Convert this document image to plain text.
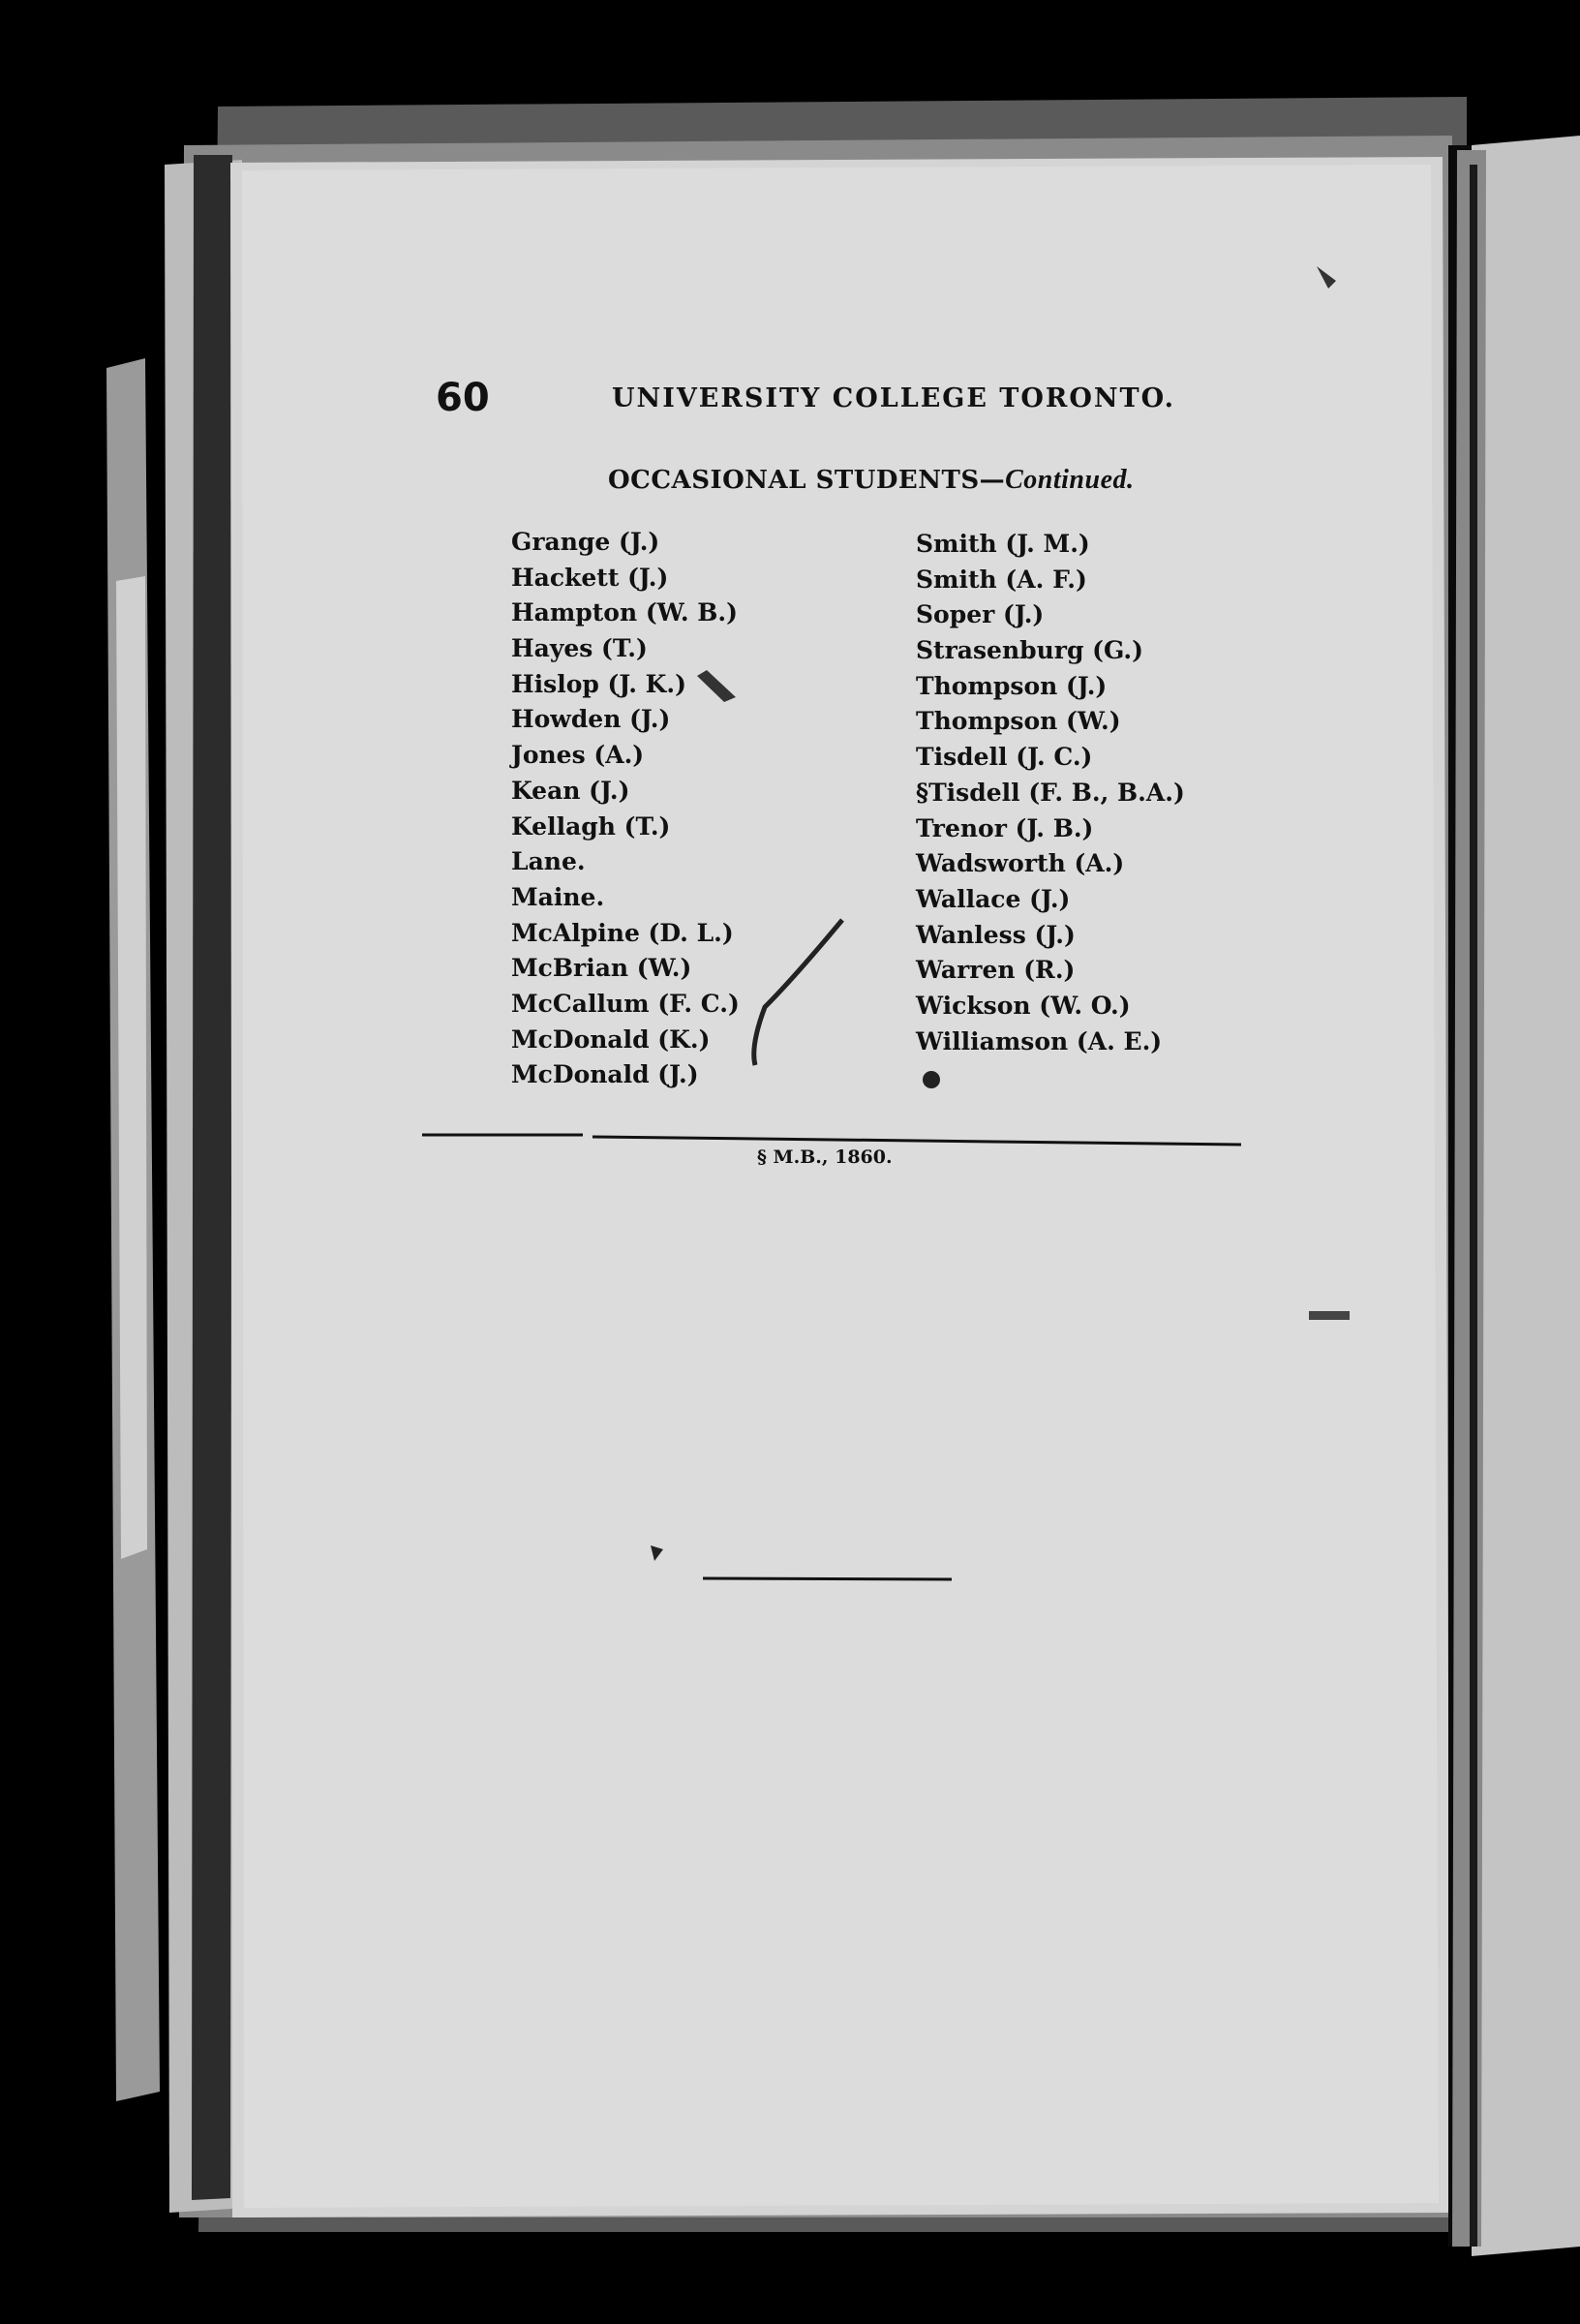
60	UNIVERSITY COLLEGE TORONTO.
OCCASIONAL STUDENTS—Continued.
Grange (J.)
Hackett (J.)
Hampton (W. B.)
Hayes (T.)
Hislop (J. K.)
Howden (J.)
Jones (A.)
Kean (J.)
Kellagh (T.)
Lane.
Maine.
McAlpine (D. L.)
McBrian (W.)
McCallum (F. C.)
McDonald (K.)
McDonald (J.)
Smith (J. M.)
Smith (A. F.)
Soper (J.)
Strasenburg (G.)
Thompson (J.)
Thompson (W.)
Tisdell (J. C.)
§Tisdell (F. B., B.A.)
Trenor (J. B.)
Wadsworth (A.)
Wallace (J.)
Wanless (J.)
Warren (R.)
Wickson (W. O.)
Williamson (A. E.)
§ M.B., 1860.
